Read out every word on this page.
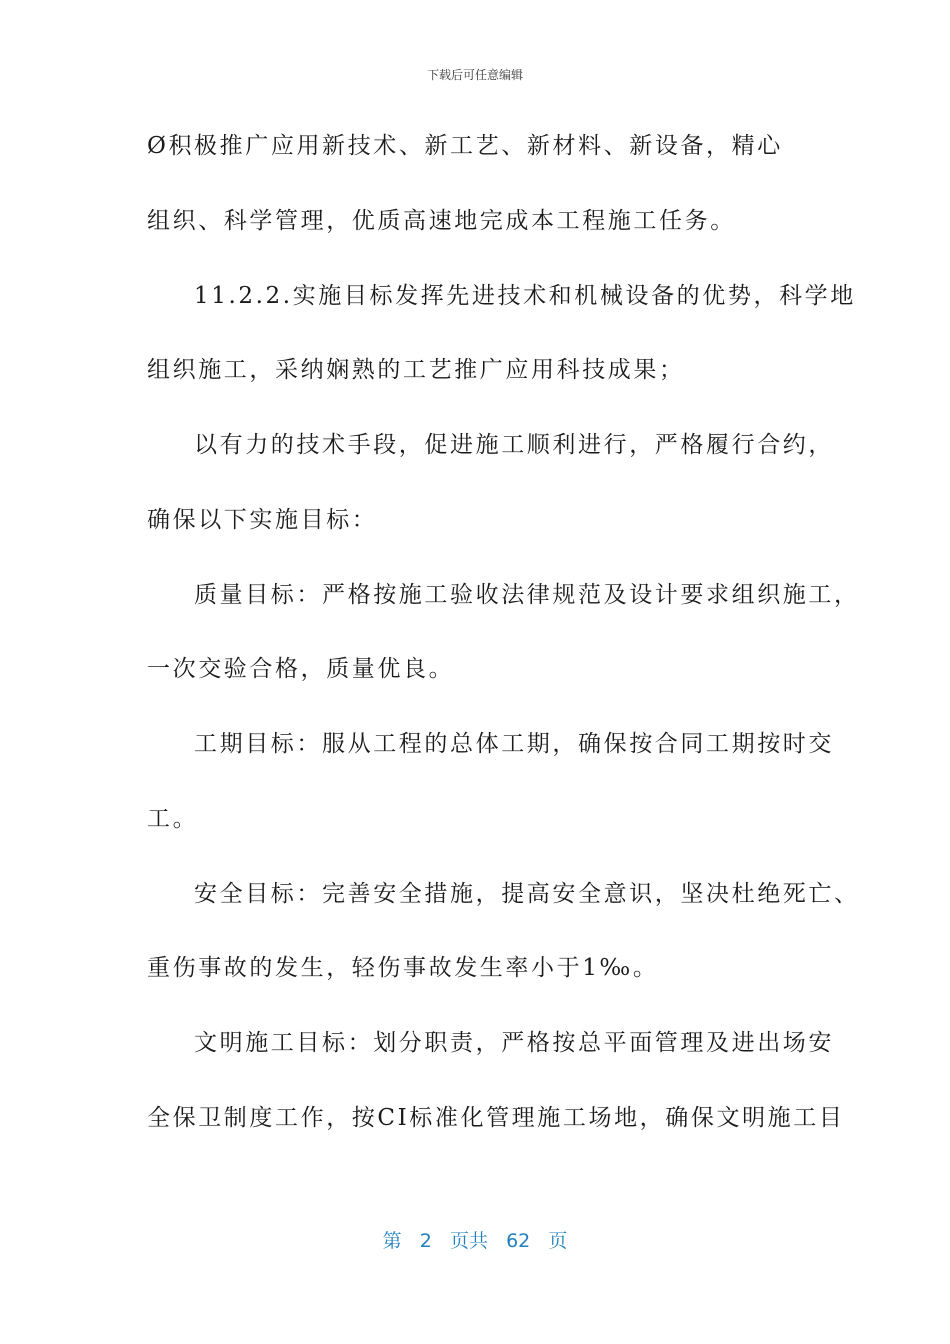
下载后可任意编辑
Ø积极推广应用新技术、新工艺、新材料、新设备，精心
组织、科学管理，优质高速地完成本工程施工任务。
11.2.2.实施目标发挥先进技术和机械设备的优势，科学地
组织施工，采纳娴熟的工艺推广应用科技成果；
以有力的技术手段，促进施工顺利进行，严格履行合约，
确保以下实施目标：
质量目标：严格按施工验收法律规范及设计要求组织施工，
一次交验合格，质量优良。
工期目标：服从工程的总体工期，确保按合同工期按时交
工。
安全目标：完善安全措施，提高安全意识，坚决杜绝死亡、
重伤事故的发生，轻伤事故发生率小于1‰。
文明施工目标：划分职责，严格按总平面管理及进出场安
全保卫制度工作，按CI标准化管理施工场地，确保文明施工目
第 2 页共 62 页
